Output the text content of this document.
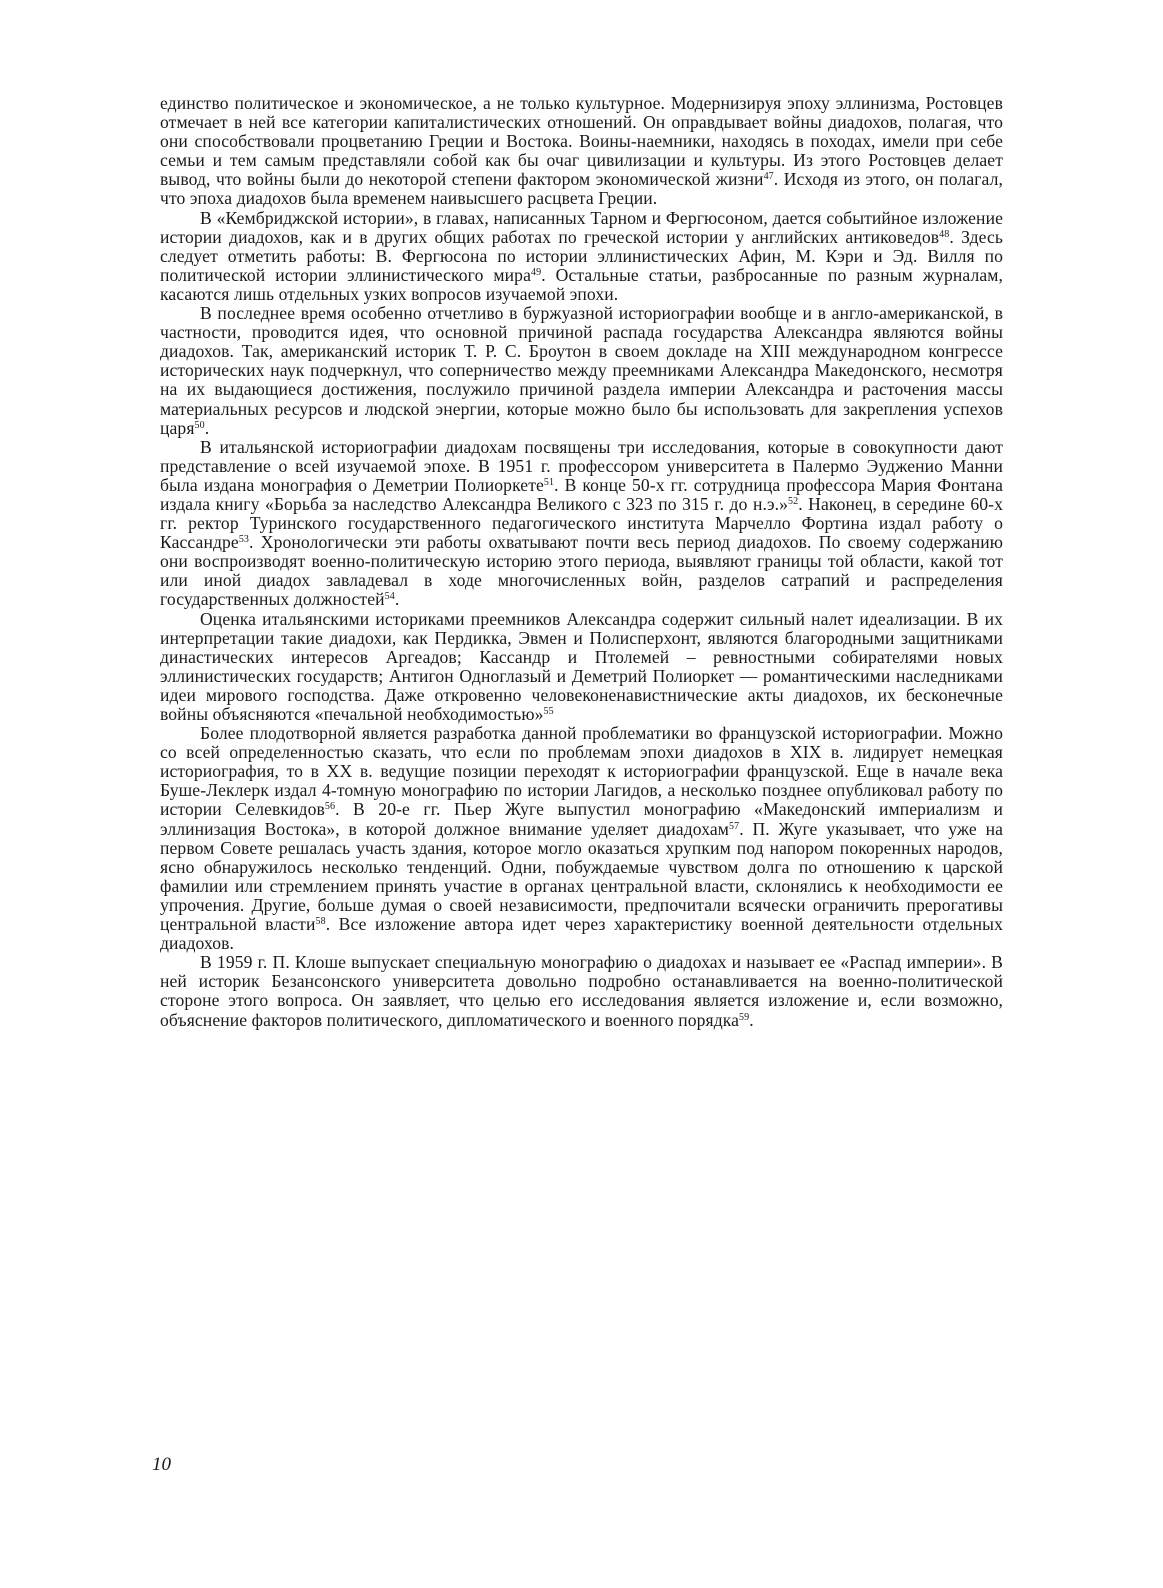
единство политическое и экономическое, а не только культурное. Модернизируя эпоху эллинизма, Ростовцев отмечает в ней все категории капиталистических отношений. Он оправдывает войны диадохов, полагая, что они способствовали процветанию Греции и Востока. Воины-наемники, находясь в походах, имели при себе семьи и тем самым представляли собой как бы очаг цивилизации и культуры. Из этого Ростовцев делает вывод, что войны были до некоторой степени фактором экономической жизни$^{47}$. Исходя из этого, он полагал, что эпоха диадохов была временем наивысшего расцвета Греции.

В «Кембриджской истории», в главах, написанных Тарном и Фергюсоном, дается событийное изложение истории диадохов, как и в других общих работах по греческой истории у английских антиковедов$^{48}$. Здесь следует отметить работы: В. Фергюсона по истории эллинистических Афин, М. Кэри и Эд. Вилля по политической истории эллинистического мира$^{49}$. Остальные статьи, разбросанные по разным журналам, касаются лишь отдельных узких вопросов изучаемой эпохи.

В последнее время особенно отчетливо в буржуазной историографии вообще и в англо-американской, в частности, проводится идея, что основной причиной распада государства Александра являются войны диадохов. Так, американский историк Т. Р. С. Броутон в своем докладе на XIII международном конгрессе исторических наук подчеркнул, что соперничество между преемниками Александра Македонского, несмотря на их выдающиеся достижения, послужило причиной раздела империи Александра и расточения массы материальных ресурсов и людской энергии, которые можно было бы использовать для закрепления успехов царя$^{50}$.

В итальянской историографии диадохам посвящены три исследования, которые в совокупности дают представление о всей изучаемой эпохе. В 1951 г. профессором университета в Палермо Эудженио Манни была издана монография о Деметрии Полиоркете$^{51}$. В конце 50-х гг. сотрудница профессора Мария Фонтана издала книгу «Борьба за наследство Александра Великого с 323 по 315 г. до н.э.»$^{52}$. Наконец, в середине 60-х гг. ректор Туринского государственного педагогического института Марчелло Фортина издал работу о Кассандре$^{53}$. Хронологически эти работы охватывают почти весь период диадохов. По своему содержанию они воспроизводят военно-политическую историю этого периода, выявляют границы той области, какой тот или иной диадох завладевал в ходе многочисленных войн, разделов сатрапий и распределения государственных должностей$^{54}$.

Оценка итальянскими историками преемников Александра содержит сильный налет идеализации. В их интерпретации такие диадохи, как Пердикка, Эвмен и Полисперхонт, являются благородными защитниками династических интересов Аргеадов; Кассандр и Птолемей – ревностными собирателями новых эллинистических государств; Антигон Одноглазый и Деметрий Полиоркет — романтическими наследниками идеи мирового господства. Даже откровенно человеконенавистнические акты диадохов, их бесконечные войны объясняются «печальной необходимостью»$^{55}$

Более плодотворной является разработка данной проблематики во французской историографии. Можно со всей определенностью сказать, что если по проблемам эпохи диадохов в XIX в. лидирует немецкая историография, то в XX в. ведущие позиции переходят к историографии французской. Еще в начале века Буше-Леклерк издал 4-томную монографию по истории Лагидов, а несколько позднее опубликовал работу по истории Селевкидов$^{56}$. В 20-е гг. Пьер Жуге выпустил монографию «Македонский империализм и эллинизация Востока», в которой должное внимание уделяет диадохам$^{57}$. П. Жуге указывает, что уже на первом Совете решалась участь здания, которое могло оказаться хрупким под напором покоренных народов, ясно обнаружилось несколько тенденций. Одни, побуждаемые чувством долга по отношению к царской фамилии или стремлением принять участие в органах центральной власти, склонялись к необходимости ее упрочения. Другие, больше думая о своей независимости, предпочитали всячески ограничить прерогативы центральной власти$^{58}$. Все изложение автора идет через характеристику военной деятельности отдельных диадохов.

В 1959 г. П. Клоше выпускает специальную монографию о диадохах и называет ее «Распад империи». В ней историк Безансонского университета довольно подробно останавливается на военно-политической стороне этого вопроса. Он заявляет, что целью его исследования является изложение и, если возможно, объяснение факторов политического, дипломатического и военного порядка$^{59}$.

10
